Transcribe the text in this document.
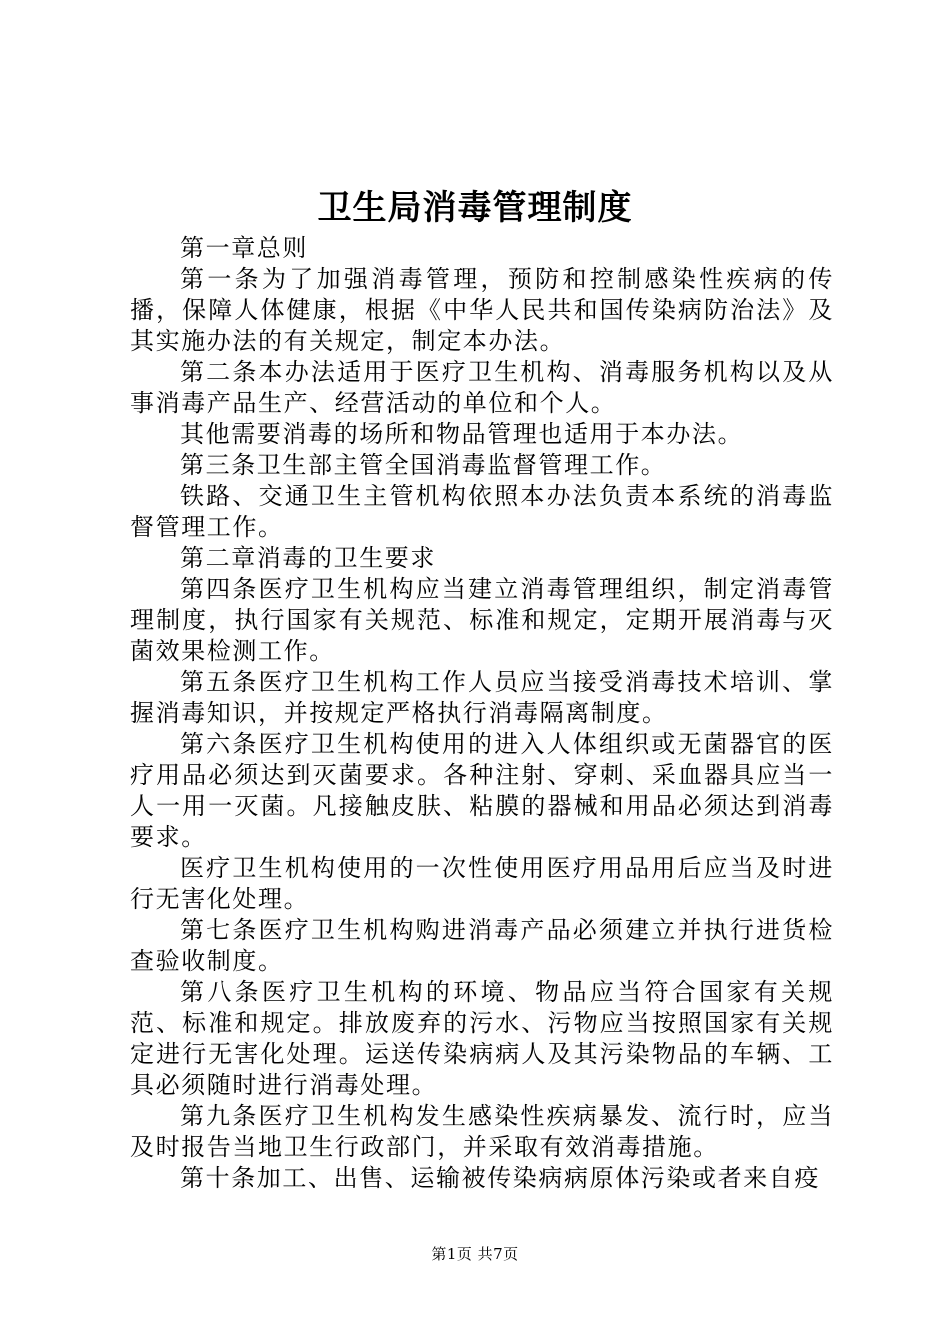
卫生局消毒管理制度

第一章总则

第一条为了加强消毒管理，预防和控制感染性疾病的传播，保障人体健康，根据《中华人民共和国传染病防治法》及其实施办法的有关规定，制定本办法。

第二条本办法适用于医疗卫生机构、消毒服务机构以及从事消毒产品生产、经营活动的单位和个人。

其他需要消毒的场所和物品管理也适用于本办法。

第三条卫生部主管全国消毒监督管理工作。

铁路、交通卫生主管机构依照本办法负责本系统的消毒监督管理工作。

第二章消毒的卫生要求

第四条医疗卫生机构应当建立消毒管理组织，制定消毒管理制度，执行国家有关规范、标准和规定，定期开展消毒与灭菌效果检测工作。

第五条医疗卫生机构工作人员应当接受消毒技术培训、掌握消毒知识，并按规定严格执行消毒隔离制度。

第六条医疗卫生机构使用的进入人体组织或无菌器官的医疗用品必须达到灭菌要求。各种注射、穿刺、采血器具应当一人一用一灭菌。凡接触皮肤、粘膜的器械和用品必须达到消毒要求。

医疗卫生机构使用的一次性使用医疗用品用后应当及时进行无害化处理。

第七条医疗卫生机构购进消毒产品必须建立并执行进货检查验收制度。

第八条医疗卫生机构的环境、物品应当符合国家有关规范、标准和规定。排放废弃的污水、污物应当按照国家有关规定进行无害化处理。运送传染病病人及其污染物品的车辆、工具必须随时进行消毒处理。

第九条医疗卫生机构发生感染性疾病暴发、流行时，应当及时报告当地卫生行政部门，并采取有效消毒措施。

第十条加工、出售、运输被传染病病原体污染或者来自疫

第1页 共7页
